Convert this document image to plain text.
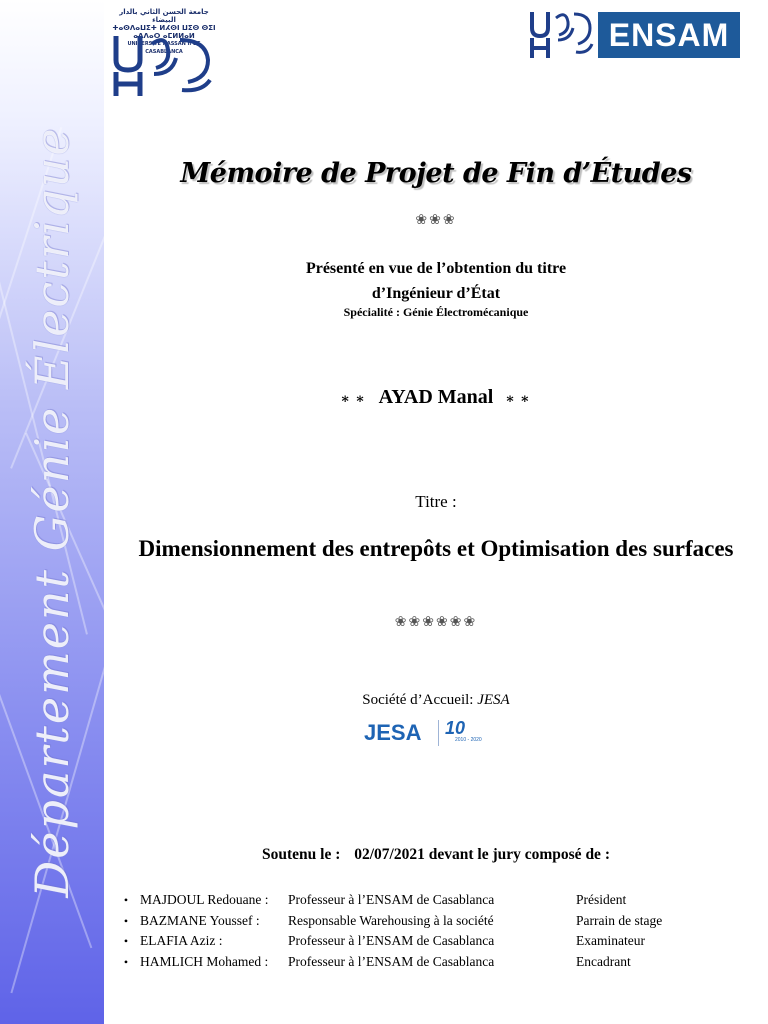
Département Génie Électrique
جامعة الحسن الثاني بالدار البيضاء
ⵜⴰⵙⴷⴰⵡⵉⵜ ⵍⵃⵙⵏ ⵡⵉⵙ ⵙⵉⵏ ⴰⴷⴷⴰⵔ ⴰⵎⵍⵍⴰⵍ
UNIVERSITÉ HASSAN II DE CASABLANCA	ENSAM
Mémoire de Projet de Fin d’Études
❀❀❀
Présenté en vue de l’obtention du titre
d’Ingénieur d’État
Spécialité : Génie Électromécanique
⁎ ⁎ AYAD Manal ⁎ ⁎
Titre :
Dimensionnement des entrepôts et Optimisation des surfaces
❀❀❀❀❀❀
Société d’Accueil: JESA
JESA 10
2010 - 2020
Soutenu le : 02/07/2021 devant le jury composé de :
• MAJDOUL Redouane :	Professeur à l’ENSAM de Casablanca	Président
• BAZMANE Youssef :	Responsable Warehousing à la société	Parrain de stage
• ELAFIA Aziz :	Professeur à l’ENSAM de Casablanca	Examinateur
• HAMLICH Mohamed :	Professeur à l’ENSAM de Casablanca	Encadrant
